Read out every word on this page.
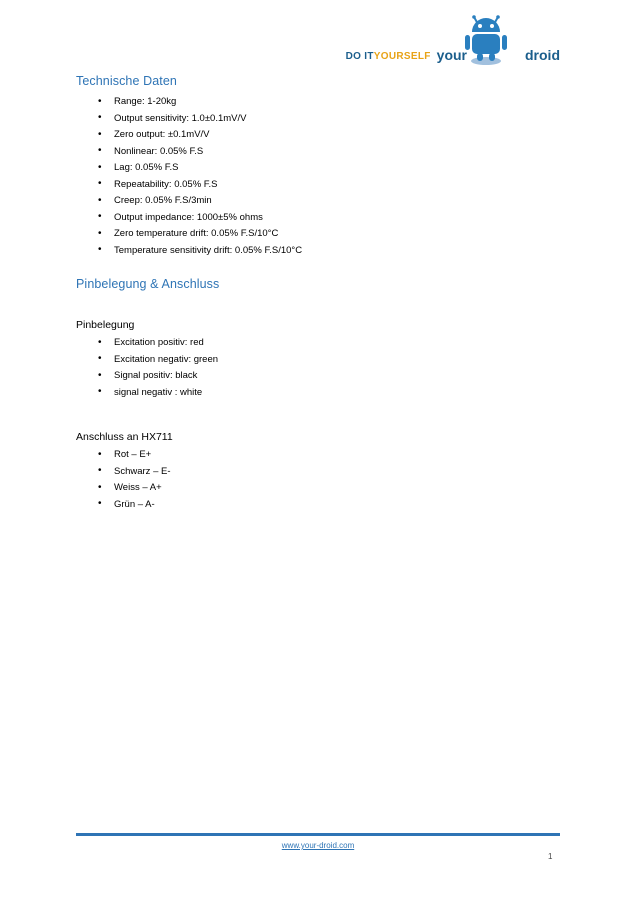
DO ITYOURSELF your	droid
Technische Daten
• Range: 1-20kg
• Output sensitivity: 1.0±0.1mV/V
• Zero output: ±0.1mV/V
• Nonlinear: 0.05% F.S
• Lag: 0.05% F.S
• Repeatability: 0.05% F.S
• Creep: 0.05% F.S/3min
• Output impedance: 1000±5% ohms
• Zero temperature drift: 0.05% F.S/10°C
• Temperature sensitivity drift: 0.05% F.S/10°C
Pinbelegung & Anschluss
Pinbelegung
• Excitation positiv: red
• Excitation negativ: green
• Signal positiv: black
• signal negativ : white
Anschluss an HX711
• Rot – E+
• Schwarz – E-
• Weiss – A+
• Grün – A-
www.your-droid.com
1
